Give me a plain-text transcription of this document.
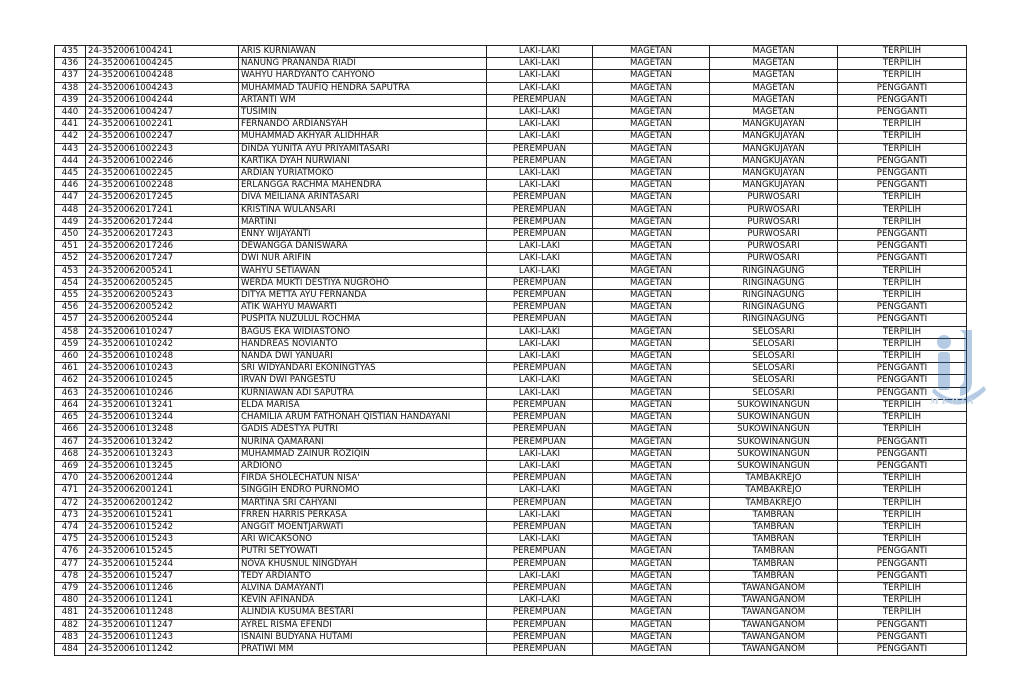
435	24-3520061004241	ARIS KURNIAWAN	LAKI-LAKI	MAGETAN	MAGETAN	TERPILIH
436	24-3520061004245	NANUNG PRANANDA RIADI	LAKI-LAKI	MAGETAN	MAGETAN	TERPILIH
437	24-3520061004248	WAHYU HARDYANTO CAHYONO	LAKI-LAKI	MAGETAN	MAGETAN	TERPILIH
438	24-3520061004243	MUHAMMAD TAUFIQ HENDRA SAPUTRA	LAKI-LAKI	MAGETAN	MAGETAN	PENGGANTI
439	24-3520061004244	ARTANTI WM	PEREMPUAN	MAGETAN	MAGETAN	PENGGANTI
440	24-3520061004247	TUSIMIN	LAKI-LAKI	MAGETAN	MAGETAN	PENGGANTI
441	24-3520061002241	FERNANDO ARDIANSYAH	LAKI-LAKI	MAGETAN	MANGKUJAYAN	TERPILIH
442	24-3520061002247	MUHAMMAD AKHYAR ALIDHHAR	LAKI-LAKI	MAGETAN	MANGKUJAYAN	TERPILIH
443	24-3520061002243	DINDA YUNITA AYU PRIYAMITASARI	PEREMPUAN	MAGETAN	MANGKUJAYAN	TERPILIH
444	24-3520061002246	KARTIKA DYAH NURWIANI	PEREMPUAN	MAGETAN	MANGKUJAYAN	PENGGANTI
445	24-3520061002245	ARDIAN YURIATMOKO	LAKI-LAKI	MAGETAN	MANGKUJAYAN	PENGGANTI
446	24-3520061002248	ERLANGGA RACHMA MAHENDRA	LAKI-LAKI	MAGETAN	MANGKUJAYAN	PENGGANTI
447	24-3520062017245	DIVA MEILIANA ARINTASARI	PEREMPUAN	MAGETAN	PURWOSARI	TERPILIH
448	24-3520062017241	KRISTINA WULANSARI	PEREMPUAN	MAGETAN	PURWOSARI	TERPILIH
449	24-3520062017244	MARTINI	PEREMPUAN	MAGETAN	PURWOSARI	TERPILIH
450	24-3520062017243	ENNY WIJAYANTI	PEREMPUAN	MAGETAN	PURWOSARI	PENGGANTI
451	24-3520062017246	DEWANGGA DANISWARA	LAKI-LAKI	MAGETAN	PURWOSARI	PENGGANTI
452	24-3520062017247	DWI NUR ARIFIN	LAKI-LAKI	MAGETAN	PURWOSARI	PENGGANTI
453	24-3520062005241	WAHYU SETIAWAN	LAKI-LAKI	MAGETAN	RINGINAGUNG	TERPILIH
454	24-3520062005245	WERDA MUKTI DESTIYA NUGROHO	PEREMPUAN	MAGETAN	RINGINAGUNG	TERPILIH
455	24-3520062005243	DITYA METTA AYU FERNANDA	PEREMPUAN	MAGETAN	RINGINAGUNG	TERPILIH
456	24-3520062005242	ATIK WAHYU MAWARTI	PEREMPUAN	MAGETAN	RINGINAGUNG	PENGGANTI
457	24-3520062005244	PUSPITA NUZULUL ROCHMA	PEREMPUAN	MAGETAN	RINGINAGUNG	PENGGANTI
458	24-3520061010247	BAGUS EKA WIDIASTONO	LAKI-LAKI	MAGETAN	SELOSARI	TERPILIH
459	24-3520061010242	HANDREAS NOVIANTO	LAKI-LAKI	MAGETAN	SELOSARI	TERPILIH
460	24-3520061010248	NANDA DWI YANUARI	LAKI-LAKI	MAGETAN	SELOSARI	TERPILIH
461	24-3520061010243	SRI WIDYANDARI EKONINGTYAS	PEREMPUAN	MAGETAN	SELOSARI	PENGGANTI
462	24-3520061010245	IRVAN DWI PANGESTU	LAKI-LAKI	MAGETAN	SELOSARI	PENGGANTI
463	24-3520061010246	KURNIAWAN ADI SAPUTRA	LAKI-LAKI	MAGETAN	SELOSARI	PENGGANTI
464	24-3520061013241	ELDA MARISA	PEREMPUAN	MAGETAN	SUKOWINANGUN	TERPILIH
465	24-3520061013244	CHAMILIA ARUM FATHONAH QISTIAN HANDAYANI	PEREMPUAN	MAGETAN	SUKOWINANGUN	TERPILIH
466	24-3520061013248	GADIS ADESTYA PUTRI	PEREMPUAN	MAGETAN	SUKOWINANGUN	TERPILIH
467	24-3520061013242	NURINA QAMARANI	PEREMPUAN	MAGETAN	SUKOWINANGUN	PENGGANTI
468	24-3520061013243	MUHAMMAD ZAINUR ROZIQIN	LAKI-LAKI	MAGETAN	SUKOWINANGUN	PENGGANTI
469	24-3520061013245	ARDIONO	LAKI-LAKI	MAGETAN	SUKOWINANGUN	PENGGANTI
470	24-3520062001244	FIRDA SHOLECHATUN NISA'	PEREMPUAN	MAGETAN	TAMBAKREJO	TERPILIH
471	24-3520062001241	SINGGIH ENDRO PURNOMO	LAKI-LAKI	MAGETAN	TAMBAKREJO	TERPILIH
472	24-3520062001242	MARTINA SRI CAHYANI	PEREMPUAN	MAGETAN	TAMBAKREJO	TERPILIH
473	24-3520061015241	FRREN HARRIS PERKASA	LAKI-LAKI	MAGETAN	TAMBRAN	TERPILIH
474	24-3520061015242	ANGGIT MOENTJARWATI	PEREMPUAN	MAGETAN	TAMBRAN	TERPILIH
475	24-3520061015243	ARI WICAKSONO	LAKI-LAKI	MAGETAN	TAMBRAN	TERPILIH
476	24-3520061015245	PUTRI SETYOWATI	PEREMPUAN	MAGETAN	TAMBRAN	PENGGANTI
477	24-3520061015244	NOVA KHUSNUL NINGDYAH	PEREMPUAN	MAGETAN	TAMBRAN	PENGGANTI
478	24-3520061015247	TEDY ARDIANTO	LAKI-LAKI	MAGETAN	TAMBRAN	PENGGANTI
479	24-3520061011246	ALVINA DAMAYANTI	PEREMPUAN	MAGETAN	TAWANGANOM	TERPILIH
480	24-3520061011241	KEVIN AFINANDA	LAKI-LAKI	MAGETAN	TAWANGANOM	TERPILIH
481	24-3520061011248	ALINDIA KUSUMA BESTARI	PEREMPUAN	MAGETAN	TAWANGANOM	TERPILIH
482	24-3520061011247	AYREL RISMA EFENDI	PEREMPUAN	MAGETAN	TAWANGANOM	PENGGANTI
483	24-3520061011243	ISNAINI BUDYANA HUTAMI	PEREMPUAN	MAGETAN	TAWANGANOM	PENGGANTI
484	24-3520061011242	PRATIWI MM	PEREMPUAN	MAGETAN	TAWANGANOM	PENGGANTI
MEDIA
